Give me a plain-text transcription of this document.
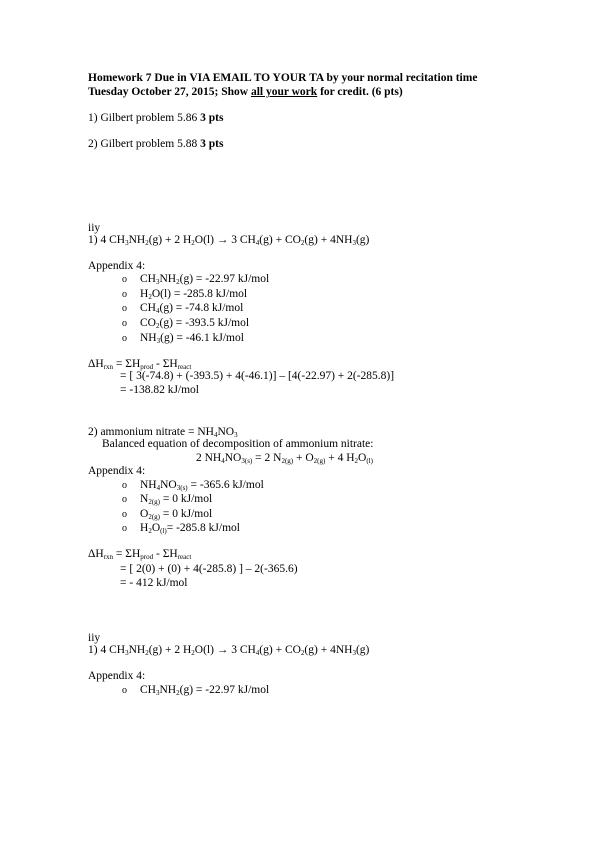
Homework 7 Due in VIA EMAIL TO YOUR TA by your normal recitation time
Tuesday October 27, 2015; Show all your work for credit. (6 pts)
1) Gilbert problem 5.86 3 pts
2) Gilbert problem 5.88 3 pts
iiy
1) 4 $CH_3NH_2(g) + 2$ $H_2O(l) \to 3$ $CH_4(g) + CO_2(g) + 4NH_3(g)$
Appendix 4:
o $CH_3NH_2(g) = -22.97$ kJ/mol
o $H_2O(l) = -285.8$ kJ/mol
o $CH_4(g) = -74.8$ kJ/mol
o $CO_2(g) = -393.5$ kJ/mol
o $NH_3(g) = -46.1$ kJ/mol
$\Delta H_{rxn} = \Sigma H_{prod} - \Sigma H_{react}$
= [ 3(-74.8) + (-393.5) + 4(-46.1)] – [4(-22.97) + 2(-285.8)]
= -138.82 kJ/mol
2) ammonium nitrate = $NH_4NO_3$
Balanced equation of decomposition of ammonium nitrate:
2 $NH_4NO_{3(s)} = 2$ $N_{2(g)} + O_{2(g)} + 4$ $H_2O_{(l)}$
Appendix 4:
o $NH_4NO_{3(s)} = -365.6$ kJ/mol
o $N_{2(g)} = 0$ kJ/mol
o $O_{2(g)} = 0$ kJ/mol
o $H_2O_{(l)}= -285.8$ kJ/mol
$\Delta H_{rxn} = \Sigma H_{prod} - \Sigma H_{react}$
= [ 2(0) + (0) + 4(-285.8) ] – 2(-365.6)
= - 412 kJ/mol
iiy
1) 4 $CH_3NH_2(g) + 2$ $H_2O(l) \to 3$ $CH_4(g) + CO_2(g) + 4NH_3(g)$
Appendix 4:
o $CH_3NH_2(g) = -22.97$ kJ/mol
